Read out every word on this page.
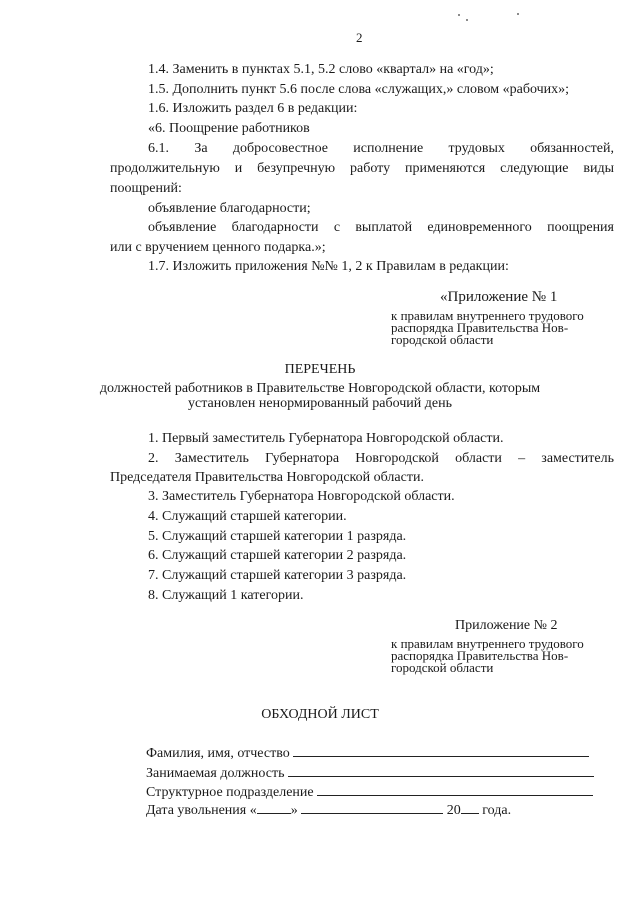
2
1.4. Заменить в пунктах 5.1, 5.2 слово «квартал» на «год»;
1.5. Дополнить пункт 5.6 после слова «служащих,» словом «рабочих»;
1.6. Изложить раздел 6 в редакции:
«6. Поощрение работников
6.1. За добросовестное исполнение трудовых обязанностей,
продолжительную и безупречную работу применяются следующие виды
поощрений:
объявление благодарности;
объявление благодарности с выплатой единовременного поощрения
или с вручением ценного подарка.»;
1.7. Изложить приложения №№ 1, 2 к Правилам в редакции:
«Приложение № 1
к правилам внутреннего трудового
распорядка Правительства Нов-
городской области
ПЕРЕЧЕНЬ
должностей работников в Правительстве Новгородской области, которым
установлен ненормированный рабочий день
1. Первый заместитель Губернатора Новгородской области.
2. Заместитель Губернатора Новгородской области – заместитель
Председателя Правительства Новгородской области.
3. Заместитель Губернатора Новгородской области.
4. Служащий старшей категории.
5. Служащий старшей категории 1 разряда.
6. Служащий старшей категории 2 разряда.
7. Служащий старшей категории 3 разряда.
8. Служащий 1 категории.
Приложение № 2
к правилам внутреннего трудового
распорядка Правительства Нов-
городской области
ОБХОДНОЙ ЛИСТ
Фамилия, имя, отчество
Занимаемая должность
Структурное подразделение
Дата увольнения « »	20 года.
